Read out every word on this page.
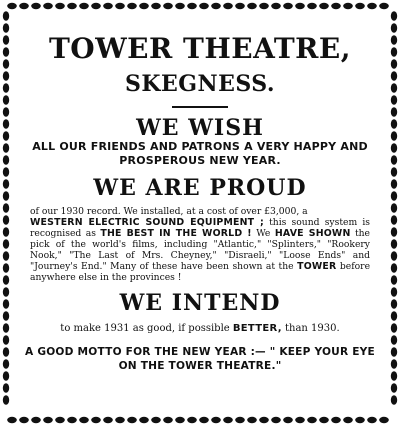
TOWER THEATRE,
SKEGNESS.
WE WISH

ALL OUR FRIENDS AND PATRONS A VERY HAPPY AND

PROSPEROUS NEW YEAR.

WE ARE PROUD

of our 1930 record. We installed, at a cost of over £3,000, a
WESTERN ELECTRIC SOUND EQUIPMENT ; this sound system is recognised as THE BEST IN THE WORLD ! We HAVE SHOWN the pick of the world's films, including "Atlantic," "Splinters," "Rookery Nook," "The Last of Mrs. Cheyney," "Disraeli," "Loose Ends" and "Journey's End." Many of these have been shown at the TOWER before anywhere else in the provinces !

WE INTEND

to make 1931 as good, if possible BETTER, than 1930.

A GOOD MOTTO FOR THE NEW YEAR :— " KEEP YOUR EYE ON THE TOWER THEATRE."
